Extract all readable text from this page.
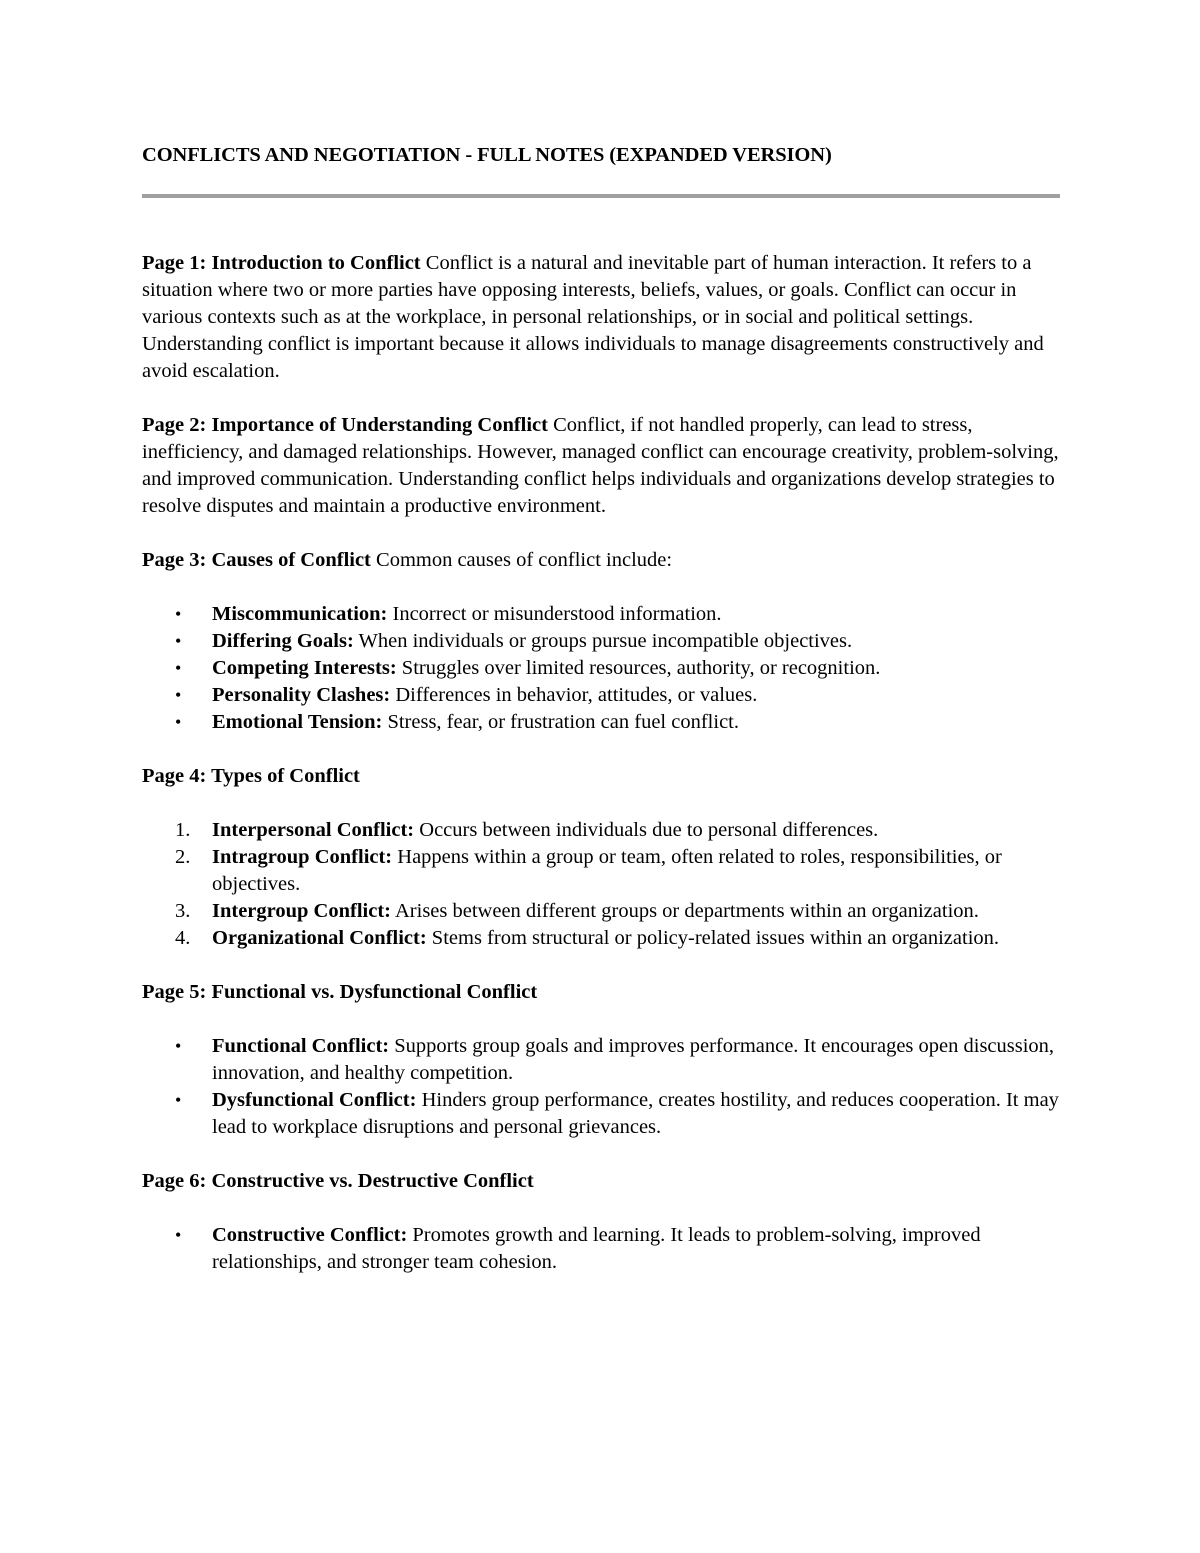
CONFLICTS AND NEGOTIATION - FULL NOTES (EXPANDED VERSION)

Page 1: Introduction to Conflict Conflict is a natural and inevitable part of human interaction. It refers to a situation where two or more parties have opposing interests, beliefs, values, or goals. Conflict can occur in various contexts such as at the workplace, in personal relationships, or in social and political settings. Understanding conflict is important because it allows individuals to manage disagreements constructively and avoid escalation.

Page 2: Importance of Understanding Conflict Conflict, if not handled properly, can lead to stress, inefficiency, and damaged relationships. However, managed conflict can encourage creativity, problem-solving, and improved communication. Understanding conflict helps individuals and organizations develop strategies to resolve disputes and maintain a productive environment.

Page 3: Causes of Conflict Common causes of conflict include:

• Miscommunication: Incorrect or misunderstood information.
• Differing Goals: When individuals or groups pursue incompatible objectives.
• Competing Interests: Struggles over limited resources, authority, or recognition.
• Personality Clashes: Differences in behavior, attitudes, or values.
• Emotional Tension: Stress, fear, or frustration can fuel conflict.

Page 4: Types of Conflict

1. Interpersonal Conflict: Occurs between individuals due to personal differences.
2. Intragroup Conflict: Happens within a group or team, often related to roles, responsibilities, or objectives.
3. Intergroup Conflict: Arises between different groups or departments within an organization.
4. Organizational Conflict: Stems from structural or policy-related issues within an organization.

Page 5: Functional vs. Dysfunctional Conflict

• Functional Conflict: Supports group goals and improves performance. It encourages open discussion, innovation, and healthy competition.
• Dysfunctional Conflict: Hinders group performance, creates hostility, and reduces cooperation. It may lead to workplace disruptions and personal grievances.

Page 6: Constructive vs. Destructive Conflict

• Constructive Conflict: Promotes growth and learning. It leads to problem-solving, improved relationships, and stronger team cohesion.
